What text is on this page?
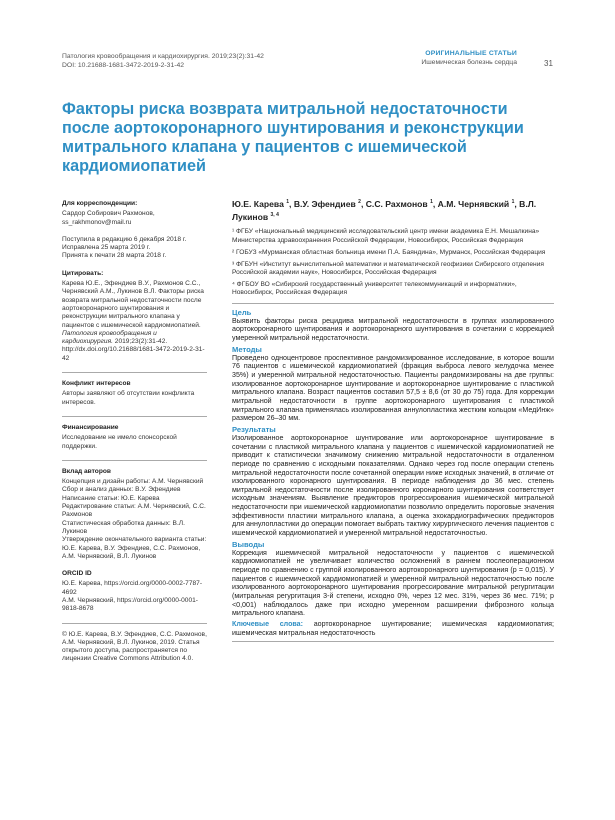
Патология кровообращения и кардиохирургия. 2019;23(2):31-42
DOI: 10.21688-1681-3472-2019-2-31-42
ОРИГИНАЛЬНЫЕ СТАТЬИ
Ишемическая болезнь сердца	31
Факторы риска возврата митральной недостаточности после аортокоронарного шунтирования и реконструкции митрального клапана у пациентов с ишемической кардиомиопатией
Для корреспонденции:
Сардор Собирович Рахмонов,
ss_rakhmonov@mail.ru
Поступила в редакцию 6 декабря 2018 г.
Исправлена 25 марта 2019 г.
Принята к печати 28 марта 2018 г.
Цитировать:
Карева Ю.Е., Эфендиев В.У., Рахмонов С.С., Чернявский А.М., Лукинов В.Л. Факторы риска возврата митральной недостаточности после аортокоронарного шунтирования и реконструкции митрального клапана у пациентов с ишемической кардиомиопатией. Патология кровообращения и кардиохирургия. 2019;23(2):31-42. http://dx.doi.org/10.21688/1681-3472-2019-2-31-42
Конфликт интересов
Авторы заявляют об отсутствии конфликта интересов.
Финансирование
Исследование не имело спонсорской поддержки.
Вклад авторов
Концепция и дизайн работы: А.М. Чернявский
Сбор и анализ данных: В.У. Эфендиев
Написание статьи: Ю.Е. Карева
Редактирование статьи: А.М. Чернявский, С.С. Рахмонов
Статистическая обработка данных: В.Л. Лукинов
Утверждение окончательного варианта статьи: Ю.Е. Карева, В.У. Эфендиев, С.С. Рахмонов, А.М. Чернявский, В.Л. Лукинов
ORCID ID
Ю.Е. Карева, https://orcid.org/0000-0002-7787-4692
А.М. Чернявский, https://orcid.org/0000-0001-9818-8678
© Ю.Е. Карева, В.У. Эфендиев, С.С. Рахмонов, А.М. Чернявский, В.Л. Лукинов, 2019. Статья открытого доступа, распространяется по лицензии Creative Commons Attribution 4.0.
Ю.Е. Карева $^1$, В.У. Эфендиев $^2$, С.С. Рахмонов $^1$, А.М. Чернявский $^1$, В.Л. Лукинов $^{3, 4}$
¹ ФГБУ «Национальный медицинский исследовательский центр имени академика Е.Н. Мешалкина» Министерства здравоохранения Российской Федерации, Новосибирск, Российская Федерация
² ГОБУЗ «Мурманская областная больница имени П.А. Баяндина», Мурманск, Российская Федерация
³ ФГБУН «Институт вычислительной математики и математической геофизики Сибирского отделения Российской академии наук», Новосибирск, Российская Федерация
⁴ ФГБОУ ВО «Сибирский государственный университет телекоммуникаций и информатики», Новосибирск, Российская Федерация
Цель

Выявить факторы риска рецидива митральной недостаточности в группах изолированного аортокоронарного шунтирования и аортокоронарного шунтирования в сочетании с коррекцией умеренной митральной недостаточности.

Методы

Проведено одноцентровое проспективное рандомизированное исследование, в которое вошли 76 пациентов с ишемической кардиомиопатией (фракция выброса левого желудочка менее 35%) и умеренной митральной недостаточностью. Пациенты рандомизированы на две группы: изолированное аортокоронарное шунтирование и аортокоронарное шунтирование с пластикой митрального клапана. Возраст пациентов составил 57,5 ± 8,6 (от 30 до 75) года. Для коррекции митральной недостаточности в группе аортокоронарного шунтирования с пластикой митрального клапана применялась изолированная аннулопластика жестким кольцом «МедИнж» размером 26–30 мм.

Результаты

Изолированное аортокоронарное шунтирование или аортокоронарное шунтирование в сочетании с пластикой митрального клапана у пациентов с ишемической кардиомиопатией не приводит к статистически значимому снижению митральной недостаточности в отдаленном периоде по сравнению с исходными показателями. Однако через год после операции степень митральной недостаточности после сочетанной операции ниже исходных значений, в отличие от изолированного коронарного шунтирования. В периоде наблюдения до 36 мес. степень митральной недостаточности после изолированного коронарного шунтирования соответствует исходным значениям. Выявление предикторов прогрессирования ишемической митральной недостаточности при ишемической кардиомиопатии позволило определить пороговые значения эффективности пластики митрального клапана, а оценка эхокардиографических предикторов для аннулопластики до операции помогает выбрать тактику хирургического лечения пациентов с ишемической кардиомиопатией и умеренной митральной недостаточностью.

Выводы

Коррекция ишемической митральной недостаточности у пациентов с ишемической кардиомиопатией не увеличивает количество осложнений в раннем послеоперационном периоде по сравнению с группой изолированного аортокоронарного шунтирования (p = 0,015). У пациентов с ишемической кардиомиопатией и умеренной митральной недостаточностью после изолированного аортокоронарного шунтирования прогрессирование митральной регургитации (митральная регургитация 3-й степени, исходно 0%, через 12 мес. 31%, через 36 мес. 71%; p <0,001) наблюдалось даже при исходно умеренном расширении фиброзного кольца митрального клапана.

Ключевые слова: аортокоронарное шунтирование; ишемическая кардиомиопатия; ишемическая митральная недостаточность
